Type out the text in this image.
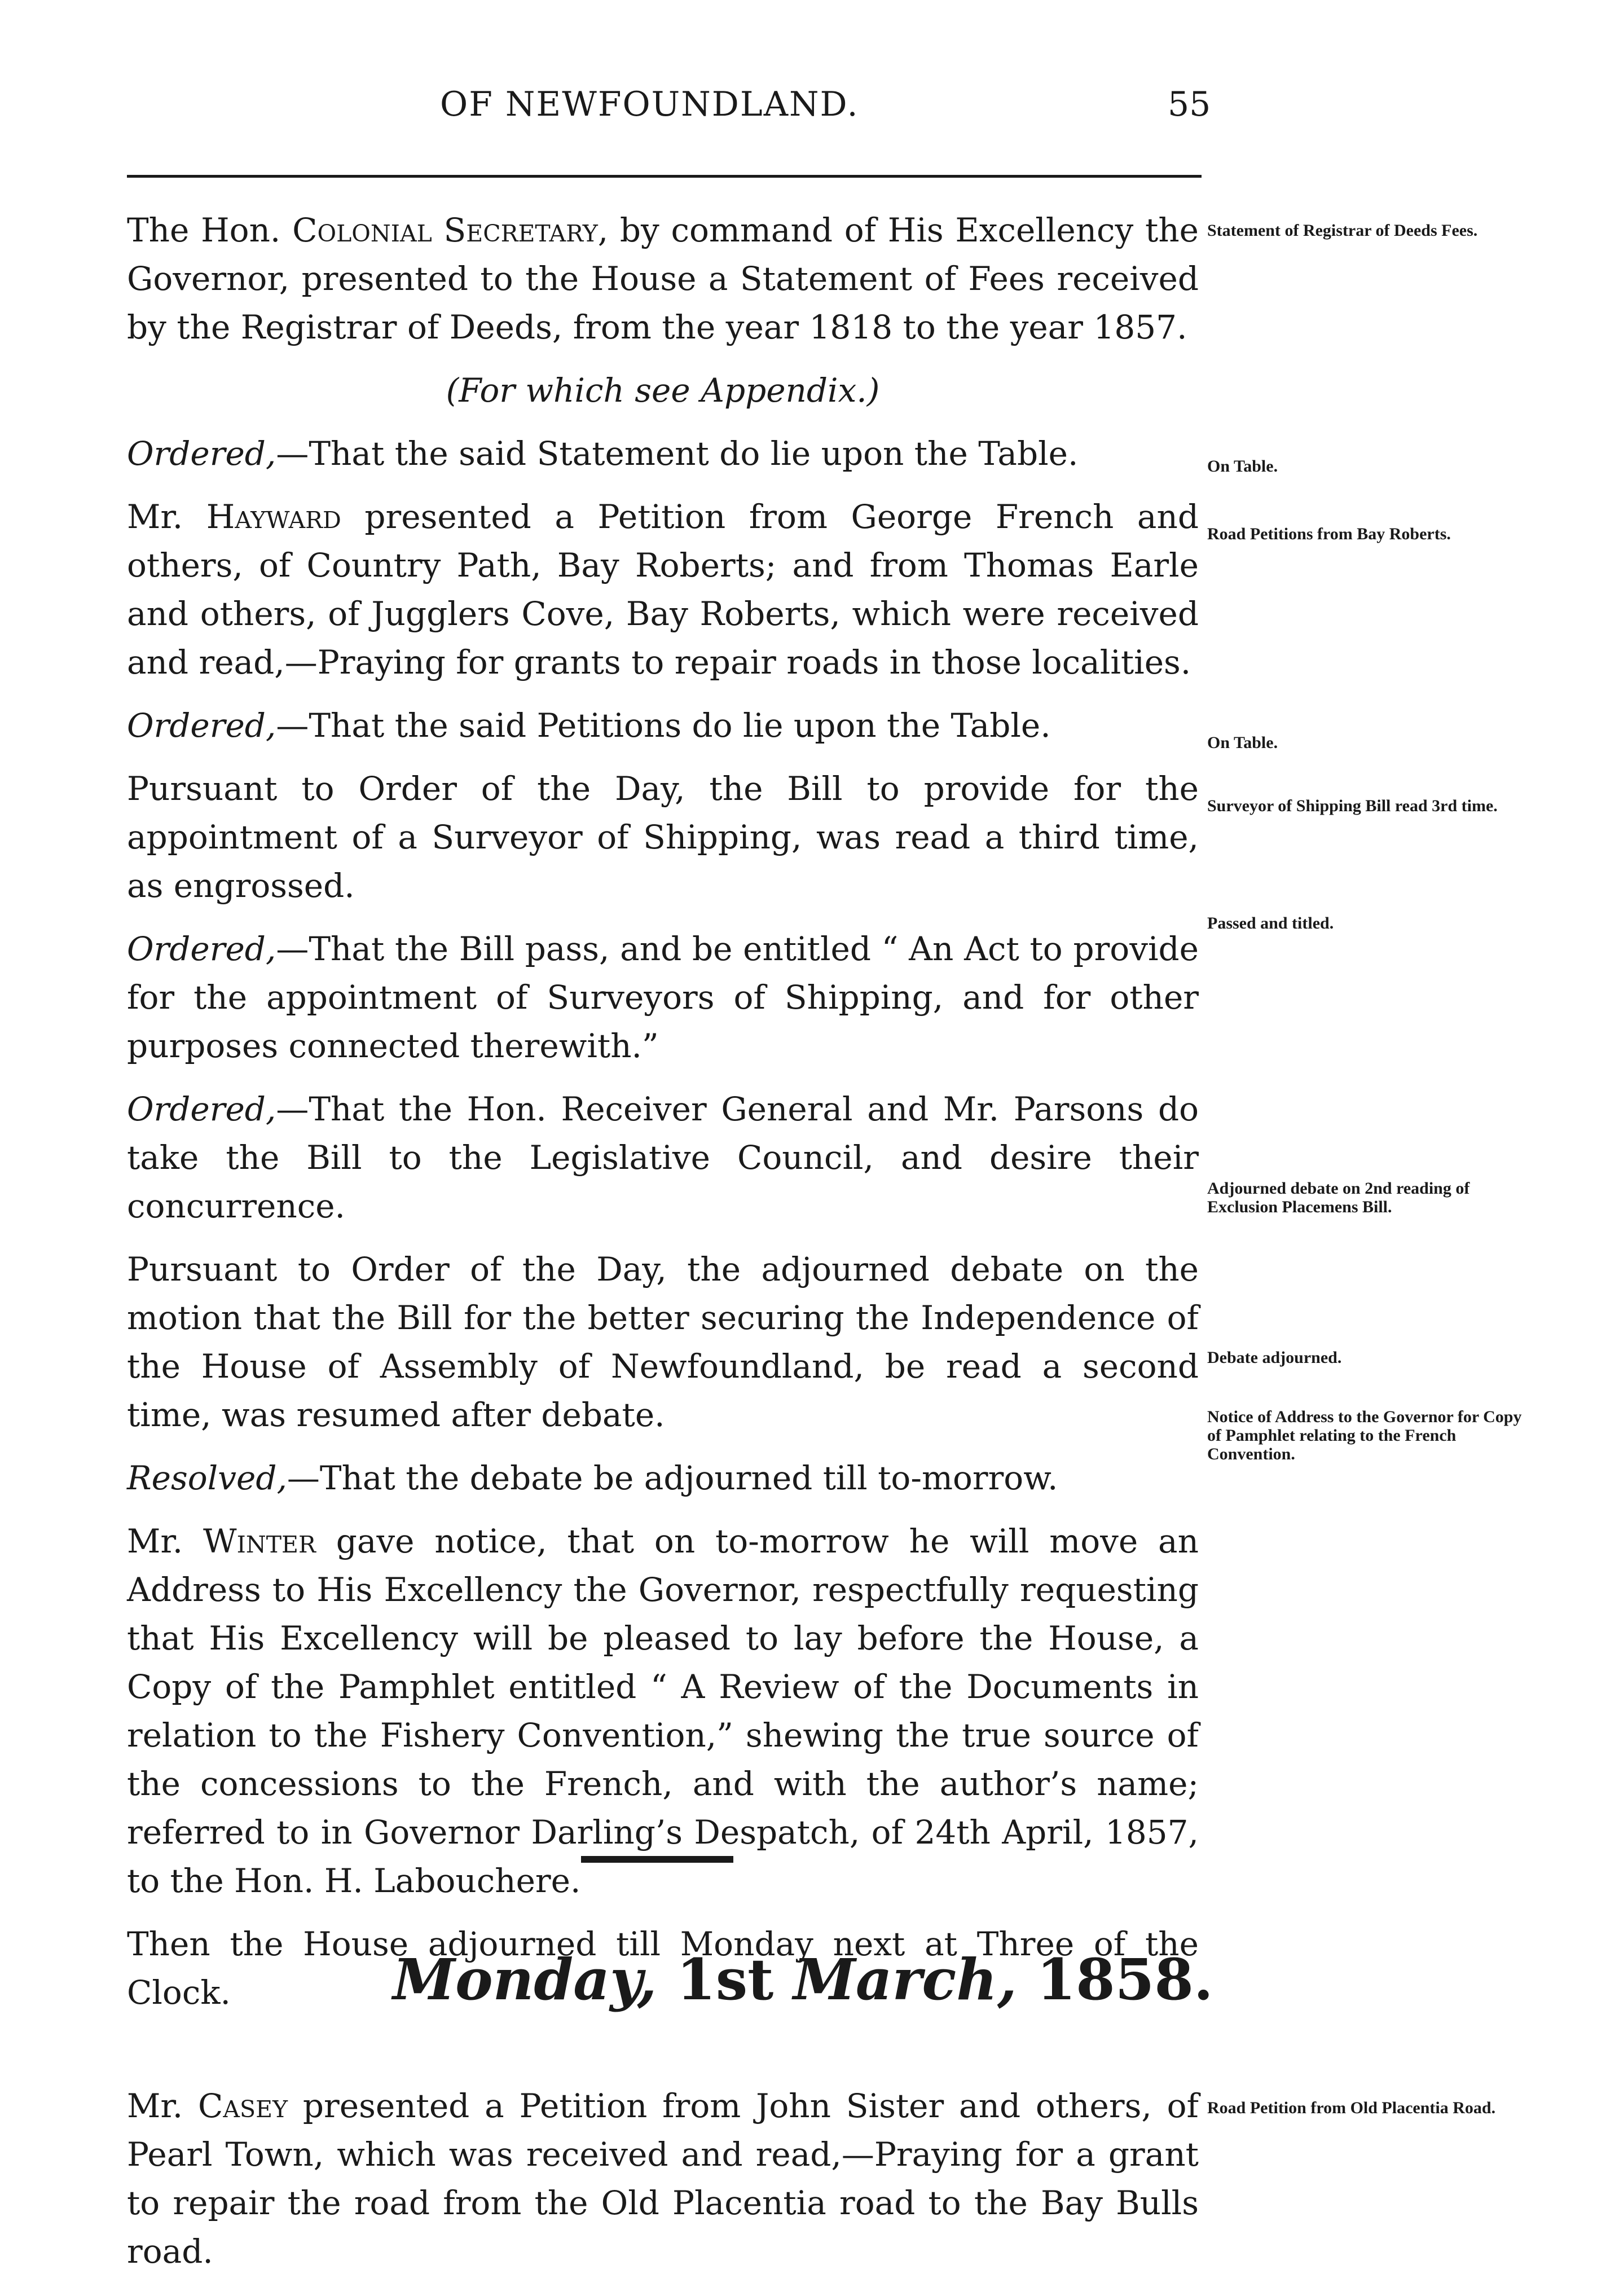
OF NEWFOUNDLAND.	55

The Hon. Colonial Secretary, by command of His Excellency the Governor, presented to the House a Statement of Fees received by the Registrar of Deeds, from the year 1818 to the year 1857.

(For which see Appendix.)

Ordered,—That the said Statement do lie upon the Table.

Mr. Hayward presented a Petition from George French and others, of Country Path, Bay Roberts; and from Thomas Earle and others, of Jugglers Cove, Bay Roberts, which were received and read,—Praying for grants to repair roads in those localities.

Ordered,—That the said Petitions do lie upon the Table.

Pursuant to Order of the Day, the Bill to provide for the appointment of a Surveyor of Shipping, was read a third time, as engrossed.

Ordered,—That the Bill pass, and be entitled “ An Act to provide for the appointment of Surveyors of Shipping, and for other purposes connected therewith.”

Ordered,—That the Hon. Receiver General and Mr. Parsons do take the Bill to the Legislative Council, and desire their concurrence.

Pursuant to Order of the Day, the adjourned debate on the motion that the Bill for the better securing the Independence of the House of Assembly of Newfoundland, be read a second time, was resumed after debate.

Resolved,—That the debate be adjourned till to-morrow.

Mr. Winter gave notice, that on to-morrow he will move an Address to His Excellency the Governor, respectfully requesting that His Excellency will be pleased to lay before the House, a Copy of the Pamphlet entitled “ A Review of the Documents in relation to the Fishery Convention,” shewing the true source of the concessions to the French, and with the author’s name; referred to in Governor Darling’s Despatch, of 24th April, 1857, to the Hon. H. Labouchere.

Then the House adjourned till Monday next at Three of the Clock.

Statement of Registrar of Deeds Fees.
On Table.
Road Petitions from Bay Roberts.
On Table.
Surveyor of Shipping Bill read 3rd time.
Passed and titled.
Adjourned debate on 2nd reading of Exclusion Placemens Bill.
Debate adjourned.
Notice of Address to the Governor for Copy of Pamphlet relating to the French Convention.
Road Petition from Old Placentia Road.
Monday, 1st March, 1858.
Mr. Casey presented a Petition from John Sister and others, of Pearl Town, which was received and read,—Praying for a grant to repair the road from the Old Placentia road to the Bay Bulls road.
